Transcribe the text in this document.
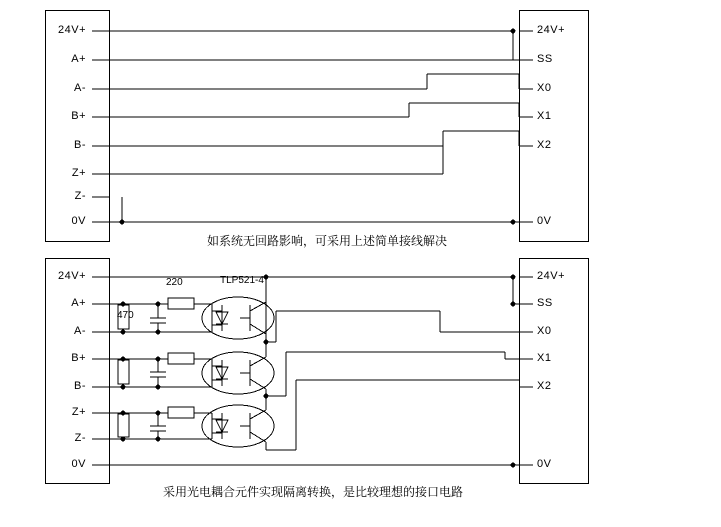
24V+
A+
A-
B+
B-
Z+
Z-
0V
24V+
SS
X0
X1
X2
0V
如系统无回路影响，可采用上述简单接线解决
24V+
A+
A-
B+
B-
Z+
Z-
0V
24V+
SS
X0
X1
X2
0V
220
470
TLP521-4
采用光电耦合元件实现隔离转换，是比较理想的接口电路
